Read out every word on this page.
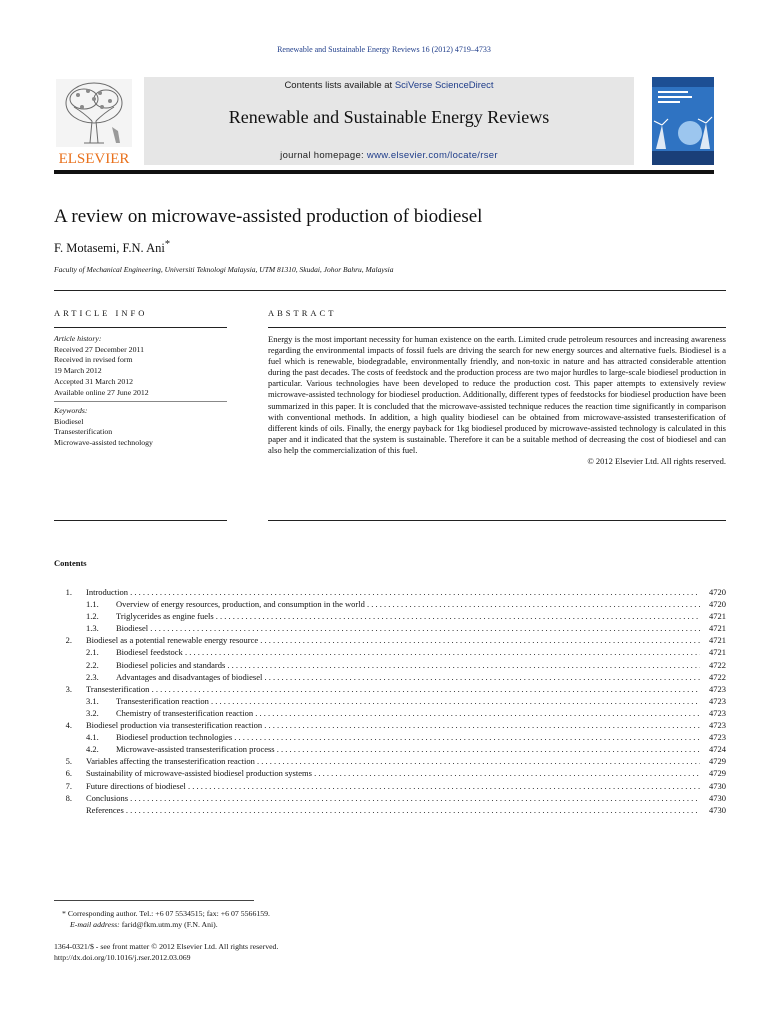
Renewable and Sustainable Energy Reviews 16 (2012) 4719–4733
ELSEVIER
Contents lists available at SciVerse ScienceDirect
Renewable and Sustainable Energy Reviews
journal homepage: www.elsevier.com/locate/rser
A review on microwave-assisted production of biodiesel
F. Motasemi, F.N. Ani*
Faculty of Mechanical Engineering, Universiti Teknologi Malaysia, UTM 81310, Skudai, Johor Bahru, Malaysia
ARTICLE INFO
Article history:
Received 27 December 2011
Received in revised form
19 March 2012
Accepted 31 March 2012
Available online 27 June 2012
Keywords:
Biodiesel
Transesterification
Microwave-assisted technology
ABSTRACT
Energy is the most important necessity for human existence on the earth. Limited crude petroleum resources and increasing awareness regarding the environmental impacts of fossil fuels are driving the search for new energy sources and alternative fuels. Biodiesel is a fuel which is renewable, biodegradable, environmentally friendly, and non-toxic in nature and has attracted considerable attention during the past decades. The costs of feedstock and the production process are two major hurdles to large-scale biodiesel production in particular. Various technologies have been developed to reduce the production cost. This paper attempts to extensively review microwave-assisted technology for biodiesel production. Additionally, different types of feedstocks for biodiesel production have been summarized in this paper. It is concluded that the microwave-assisted technique reduces the reaction time significantly in comparison with conventional methods. In addition, a high quality biodiesel can be obtained from microwave-assisted transesterification of different kinds of oils. Finally, the energy payback for 1kg biodiesel produced by microwave-assisted technology is calculated in this paper and it indicated that the system is sustainable. Therefore it can be a suitable method of decreasing the cost of biodiesel and can also help the commercialization of this fuel.
© 2012 Elsevier Ltd. All rights reserved.
Contents
1. Introduction . . .	4720
1.1. Overview of energy resources, production, and consumption in the world . . .	4720
1.2. Triglycerides as engine fuels . . .	4721
1.3. Biodiesel . . .	4721
2. Biodiesel as a potential renewable energy resource . . .	4721
2.1. Biodiesel feedstock . . .	4721
2.2. Biodiesel policies and standards . . .	4722
2.3. Advantages and disadvantages of biodiesel . . .	4722
3. Transesterification . . .	4723
3.1. Transesterification reaction . . .	4723
3.2. Chemistry of transesterification reaction . . .	4723
4. Biodiesel production via transesterification reaction . . .	4723
4.1. Biodiesel production technologies . . .	4723
4.2. Microwave-assisted transesterification process . . .	4724
5. Variables affecting the transesterification reaction . . .	4729
6. Sustainability of microwave-assisted biodiesel production systems . . .	4729
7. Future directions of biodiesel . . .	4730
8. Conclusions . . .	4730
References . . .	4730
* Corresponding author. Tel.: +6 07 5534515; fax: +6 07 5566159.
E-mail address: farid@fkm.utm.my (F.N. Ani).
1364-0321/$ - see front matter © 2012 Elsevier Ltd. All rights reserved.
http://dx.doi.org/10.1016/j.rser.2012.03.069
